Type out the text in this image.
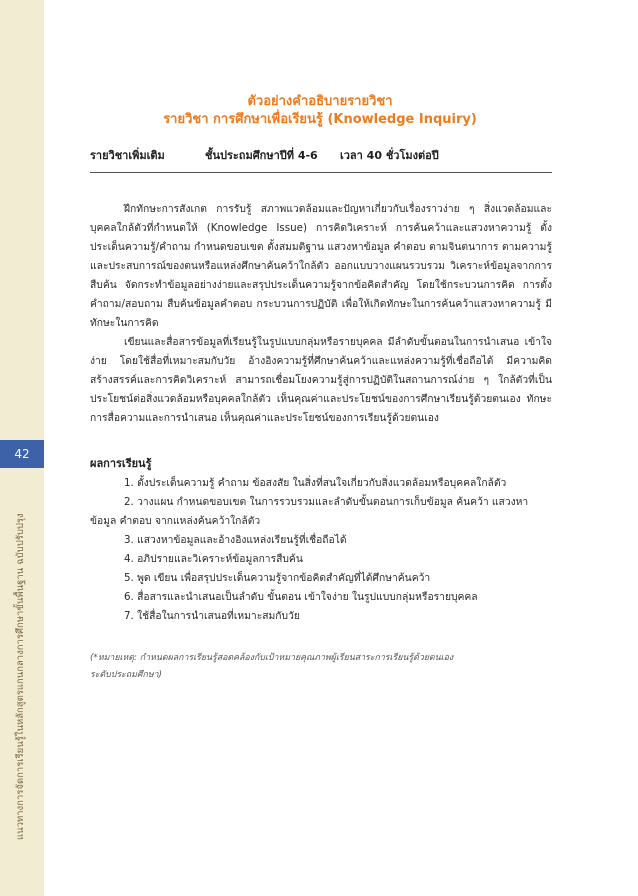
42
แนวทางการจัดการเรียนรู้ในหลักสูตรแกนกลางการศึกษาขั้นพื้นฐาน ฉบับปรับปรุง
ตัวอย่างคำอธิบายรายวิชา
รายวิชา การศึกษาเพื่อเรียนรู้ (Knowledge Inquiry)
รายวิชาเพิ่มเติม	ชั้นประถมศึกษาปีที่ 4-6 เวลา 40 ชั่วโมงต่อปี

ฝึกทักษะการสังเกต การรับรู้ สภาพแวดล้อมและปัญหาเกี่ยวกับเรื่องราวง่าย ๆ สิ่งแวดล้อมและบุคคลใกล้ตัวที่กำหนดให้ (Knowledge Issue) การคิดวิเคราะห์ การค้นคว้าและแสวงหาความรู้ ตั้งประเด็นความรู้/คำถาม กำหนดขอบเขต ตั้งสมมติฐาน แสวงหาข้อมูล คำตอบ ตามจินตนาการ ตามความรู้และประสบการณ์ของตนหรือแหล่งศึกษาค้นคว้าใกล้ตัว ออกแบบวางแผนรวบรวม วิเคราะห์ข้อมูลจากการสืบค้น จัดกระทำข้อมูลอย่างง่ายและสรุปประเด็นความรู้จากข้อคิดสำคัญ โดยใช้กระบวนการคิด การตั้งคำถาม/สอบถาม สืบค้นข้อมูลคำตอบ กระบวนการปฏิบัติ เพื่อให้เกิดทักษะในการค้นคว้าแสวงหาความรู้ มีทักษะในการคิด

เขียนและสื่อสารข้อมูลที่เรียนรู้ในรูปแบบกลุ่มหรือรายบุคคล มีลำดับขั้นตอนในการนำเสนอ เข้าใจง่าย โดยใช้สื่อที่เหมาะสมกับวัย อ้างอิงความรู้ที่ศึกษาค้นคว้าและแหล่งความรู้ที่เชื่อถือได้ มีความคิดสร้างสรรค์และการคิดวิเคราะห์ สามารถเชื่อมโยงความรู้สู่การปฏิบัติในสถานการณ์ง่าย ๆ ใกล้ตัวที่เป็นประโยชน์ต่อสิ่งแวดล้อมหรือบุคคลใกล้ตัว เห็นคุณค่าและประโยชน์ของการศึกษาเรียนรู้ด้วยตนเอง ทักษะการสื่อความและการนำเสนอ เห็นคุณค่าและประโยชน์ของการเรียนรู้ด้วยตนเอง

ผลการเรียนรู้
1. ตั้งประเด็นความรู้ คำถาม ข้อสงสัย ในสิ่งที่สนใจเกี่ยวกับสิ่งแวดล้อมหรือบุคคลใกล้ตัว
2. วางแผน กำหนดขอบเขต ในการรวบรวมและลำดับขั้นตอนการเก็บข้อมูล ค้นคว้า แสวงหาข้อมูล คำตอบ จากแหล่งค้นคว้าใกล้ตัว
3. แสวงหาข้อมูลและอ้างอิงแหล่งเรียนรู้ที่เชื่อถือได้
4. อภิปรายและวิเคราะห์ข้อมูลการสืบค้น
5. พูด เขียน เพื่อสรุปประเด็นความรู้จากข้อคิดสำคัญที่ได้ศึกษาค้นคว้า
6. สื่อสารและนำเสนอเป็นลำดับ ขั้นตอน เข้าใจง่าย ในรูปแบบกลุ่มหรือรายบุคคล
7. ใช้สื่อในการนำเสนอที่เหมาะสมกับวัย

(*หมายเหตุ: กำหนดผลการเรียนรู้สอดคล้องกับเป้าหมายคุณภาพผู้เรียนสาระการเรียนรู้ด้วยตนเอง
ระดับประถมศึกษา)
